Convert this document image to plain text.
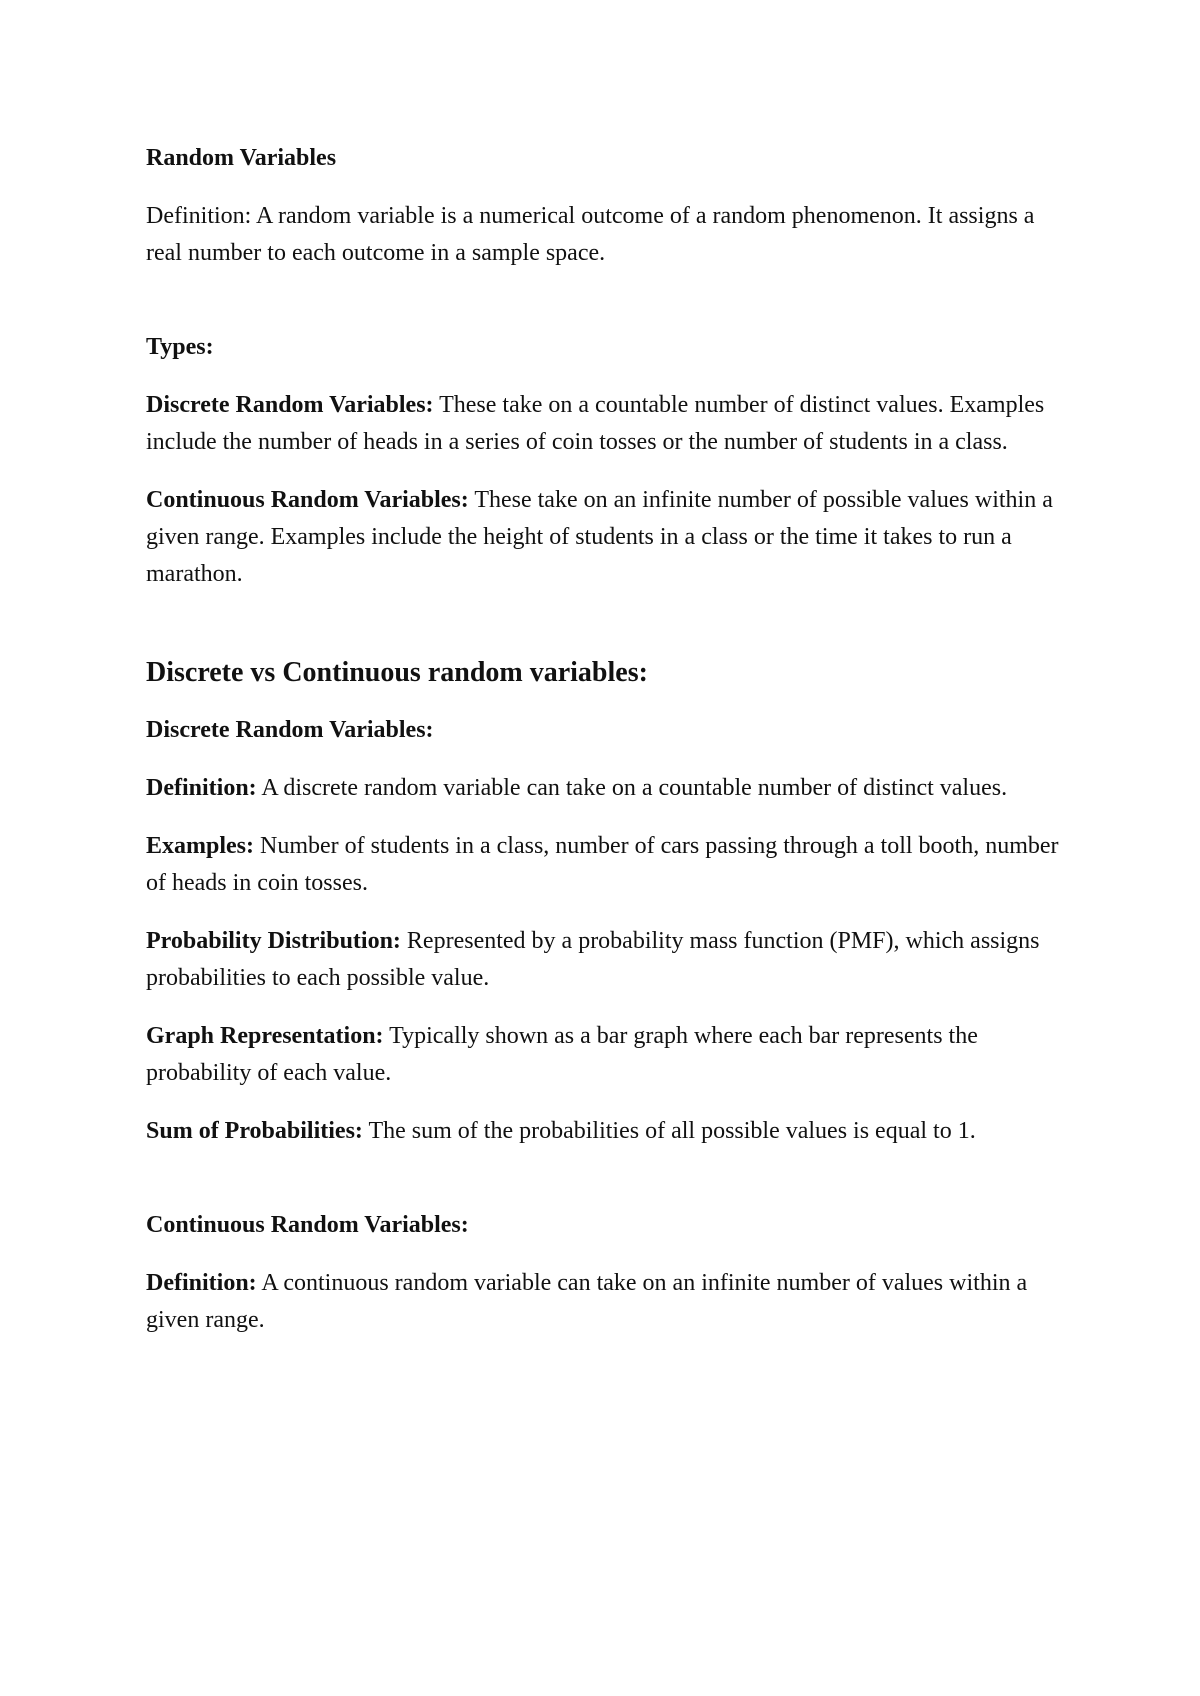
Random Variables

Definition: A random variable is a numerical outcome of a random phenomenon. It assigns a real number to each outcome in a sample space.

Types:

Discrete Random Variables: These take on a countable number of distinct values. Examples include the number of heads in a series of coin tosses or the number of students in a class.

Continuous Random Variables: These take on an infinite number of possible values within a given range. Examples include the height of students in a class or the time it takes to run a marathon.

Discrete vs Continuous random variables:

Discrete Random Variables:

Definition: A discrete random variable can take on a countable number of distinct values.

Examples: Number of students in a class, number of cars passing through a toll booth, number of heads in coin tosses.

Probability Distribution: Represented by a probability mass function (PMF), which assigns probabilities to each possible value.

Graph Representation: Typically shown as a bar graph where each bar represents the probability of each value.

Sum of Probabilities: The sum of the probabilities of all possible values is equal to 1.

Continuous Random Variables:

Definition: A continuous random variable can take on an infinite number of values within a given range.
